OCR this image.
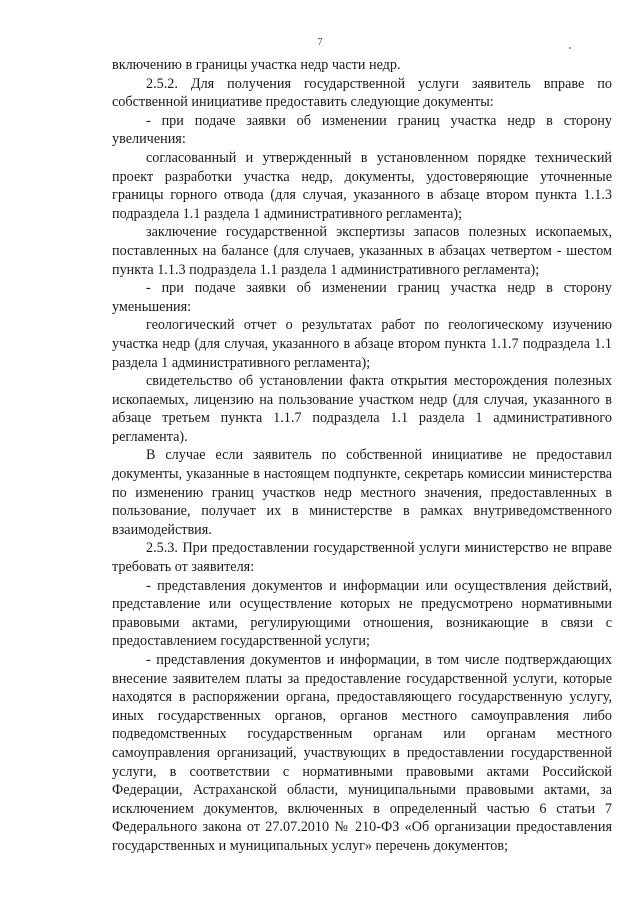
7

включению в границы участка недр части недр.

2.5.2. Для получения государственной услуги заявитель вправе по собственной инициативе предоставить следующие документы:

- при подаче заявки об изменении границ участка недр в сторону увеличения:

согласованный и утвержденный в установленном порядке технический проект разработки участка недр, документы, удостоверяющие уточненные границы горного отвода (для случая, указанного в абзаце втором пункта 1.1.3 подраздела 1.1 раздела 1 административного регламента);

заключение государственной экспертизы запасов полезных ископаемых, поставленных на балансе (для случаев, указанных в абзацах четвертом - шестом пункта 1.1.3 подраздела 1.1 раздела 1 административного регламента);

- при подаче заявки об изменении границ участка недр в сторону уменьшения:

геологический отчет о результатах работ по геологическому изучению участка недр (для случая, указанного в абзаце втором пункта 1.1.7 подраздела 1.1 раздела 1 административного регламента);

свидетельство об установлении факта открытия месторождения полезных ископаемых, лицензию на пользование участком недр (для случая, указанного в абзаце третьем пункта 1.1.7 подраздела 1.1 раздела 1 административного регламента).

В случае если заявитель по собственной инициативе не предоставил документы, указанные в настоящем подпункте, секретарь комиссии министерства по изменению границ участков недр местного значения, предоставленных в пользование, получает их в министерстве в рамках внутриведомственного взаимодействия.

2.5.3. При предоставлении государственной услуги министерство не вправе требовать от заявителя:

- представления документов и информации или осуществления действий, представление или осуществление которых не предусмотрено нормативными правовыми актами, регулирующими отношения, возникающие в связи с предоставлением государственной услуги;

- представления документов и информации, в том числе подтверждающих внесение заявителем платы за предоставление государственной услуги, которые находятся в распоряжении органа, предоставляющего государственную услугу, иных государственных органов, органов местного самоуправления либо подведомственных государственным органам или органам местного самоуправления организаций, участвующих в предоставлении государственной услуги, в соответствии с нормативными правовыми актами Российской Федерации, Астраханской области, муниципальными правовыми актами, за исключением документов, включенных в определенный частью 6 статьи 7 Федерального закона от 27.07.2010 № 210-ФЗ «Об организации предоставления государственных и муниципальных услуг» перечень документов;
